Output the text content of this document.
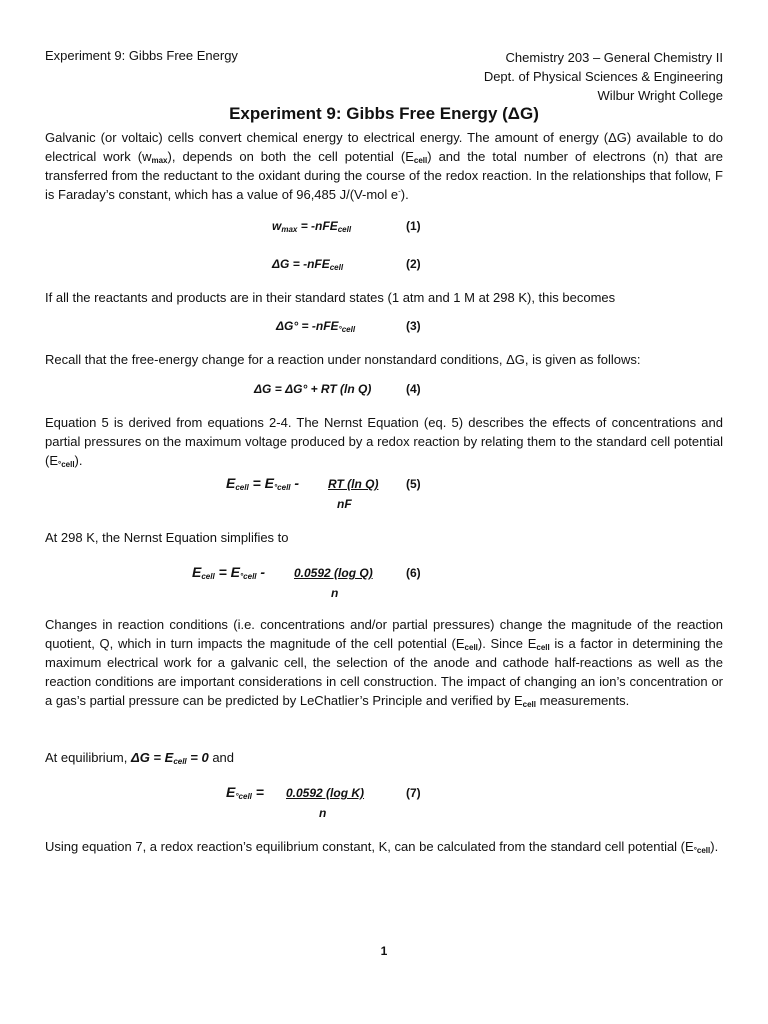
Experiment 9: Gibbs Free Energy	Chemistry 203 – General Chemistry II
Dept. of Physical Sciences & Engineering
Wilbur Wright College
Experiment 9: Gibbs Free Energy (ΔG)
Galvanic (or voltaic) cells convert chemical energy to electrical energy. The amount of energy (ΔG) available to do electrical work $(w_{max})$, depends on both the cell potential $(E_{cell})$ and the total number of electrons (n) that are transferred from the reductant to the oxidant during the course of the redox reaction. In the relationships that follow, F is Faraday’s constant, which has a value of 96,485 J/(V-mol e-).
$w_{max} = -nFE_{cell}$	(1)
ΔG = -nFE$_{cell}$	(2)
If all the reactants and products are in their standard states (1 atm and 1 M at 298 K), this becomes
ΔG° = -nFE$_{^\circ cell}$	(3)
Recall that the free-energy change for a reaction under nonstandard conditions, ΔG, is given as follows:
ΔG = ΔG° + RT (ln Q)	(4)
Equation 5 is derived from equations 2-4. The Nernst Equation (eq. 5) describes the effects of concentrations and partial pressures on the maximum voltage produced by a redox reaction by relating them to the standard cell potential $(E_{^\circ cell})$.
$E_{cell} = E_{^\circ cell}$ - RT (ln Q)
nF
(5)
At 298 K, the Nernst Equation simplifies to
$E_{cell} = E_{^\circ cell} - 0.0592$ (log Q)
n
(6)
Changes in reaction conditions (i.e. concentrations and/or partial pressures) change the magnitude of the reaction quotient, Q, which in turn impacts the magnitude of the cell potential $(E_{cell})$. Since $E_{cell}$ is a factor in determining the maximum electrical work for a galvanic cell, the selection of the anode and cathode half-reactions as well as the reaction conditions are important considerations in cell construction. The impact of changing an ion’s concentration or a gas’s partial pressure can be predicted by LeChatlier’s Principle and verified by $E_{cell}$ measurements.
At equilibrium, $\Delta G = E_{cell} = 0$ and
$E_{^\circ cell} = 0.0592$ (log K)
n
(7)
Using equation 7, a redox reaction’s equilibrium constant, K, can be calculated from the standard cell potential $(E_{^\circ cell})$.
1
